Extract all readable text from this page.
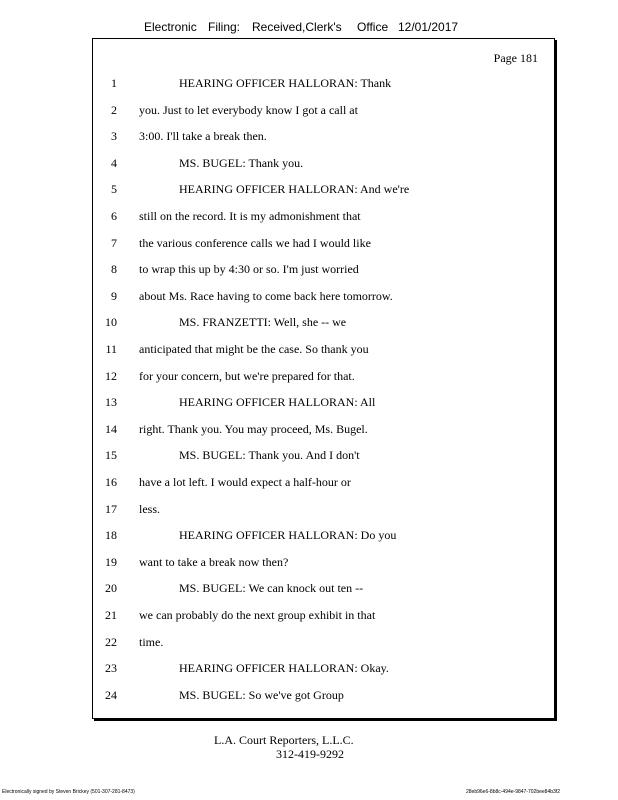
Electronic Filing: Received,Clerk's Office 12/01/2017
Page 181
1	HEARING OFFICER HALLORAN: Thank
2 you. Just to let everybody know I got a call at
3 3:00. I'll take a break then.
4	MS. BUGEL: Thank you.
5	HEARING OFFICER HALLORAN: And we're
6 still on the record. It is my admonishment that
7 the various conference calls we had I would like
8 to wrap this up by 4:30 or so. I'm just worried
9 about Ms. Race having to come back here tomorrow.
10	MS. FRANZETTI: Well, she -- we
11 anticipated that might be the case. So thank you
12 for your concern, but we're prepared for that.
13	HEARING OFFICER HALLORAN: All
14 right. Thank you. You may proceed, Ms. Bugel.
15	MS. BUGEL: Thank you. And I don't
16 have a lot left. I would expect a half-hour or
17 less.
18	HEARING OFFICER HALLORAN: Do you
19 want to take a break now then?
20	MS. BUGEL: We can knock out ten --
21 we can probably do the next group exhibit in that
22 time.
23	HEARING OFFICER HALLORAN: Okay.
24	MS. BUGEL: So we've got Group
L.A. Court Reporters, L.L.C.
312-419-9292
Electronically signed by Steven Brickey (501-307-281-8473)	28eb96e6-8b8c-494e-9847-702bee84b3f2
